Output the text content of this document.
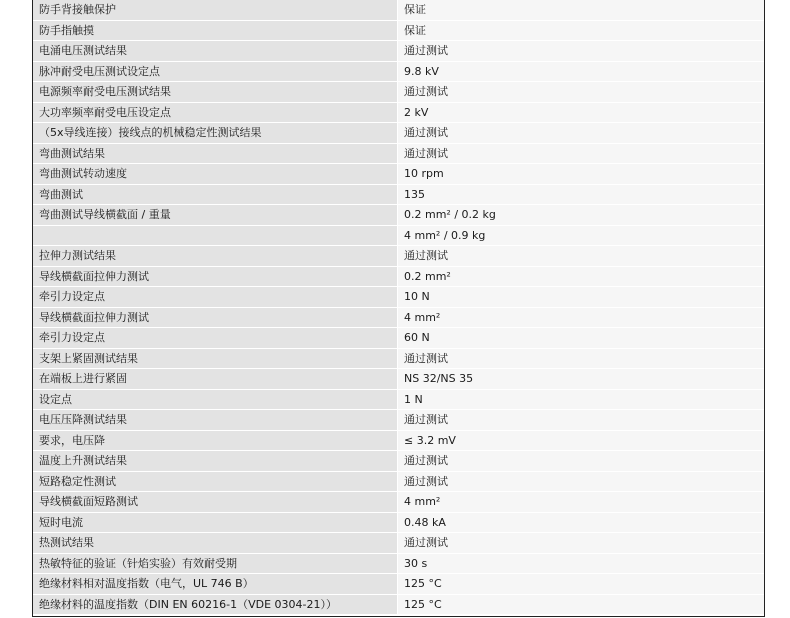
防手背接触保护	保证
防手指触摸	保证
电涌电压测试结果	通过测试
脉冲耐受电压测试设定点	9.8 kV
电源频率耐受电压测试结果	通过测试
大功率频率耐受电压设定点	2 kV
（5x导线连接）接线点的机械稳定性测试结果	通过测试
弯曲测试结果	通过测试
弯曲测试转动速度	10 rpm
弯曲测试	135
弯曲测试导线横截面 / 重量	0.2 mm² / 0.2 kg
	4 mm² / 0.9 kg
拉伸力测试结果	通过测试
导线横截面拉伸力测试	0.2 mm²
牵引力设定点	10 N
导线横截面拉伸力测试	4 mm²
牵引力设定点	60 N
支架上紧固测试结果	通过测试
在端板上进行紧固	NS 32/NS 35
设定点	1 N
电压压降测试结果	通过测试
要求，电压降	≤ 3.2 mV
温度上升测试结果	通过测试
短路稳定性测试	通过测试
导线横截面短路测试	4 mm²
短时电流	0.48 kA
热测试结果	通过测试
热敏特征的验证（针焰实验）有效耐受期	30 s
绝缘材料相对温度指数（电气，UL 746 B）	125 °C
绝缘材料的温度指数（DIN EN 60216-1（VDE 0304-21））	125 °C
